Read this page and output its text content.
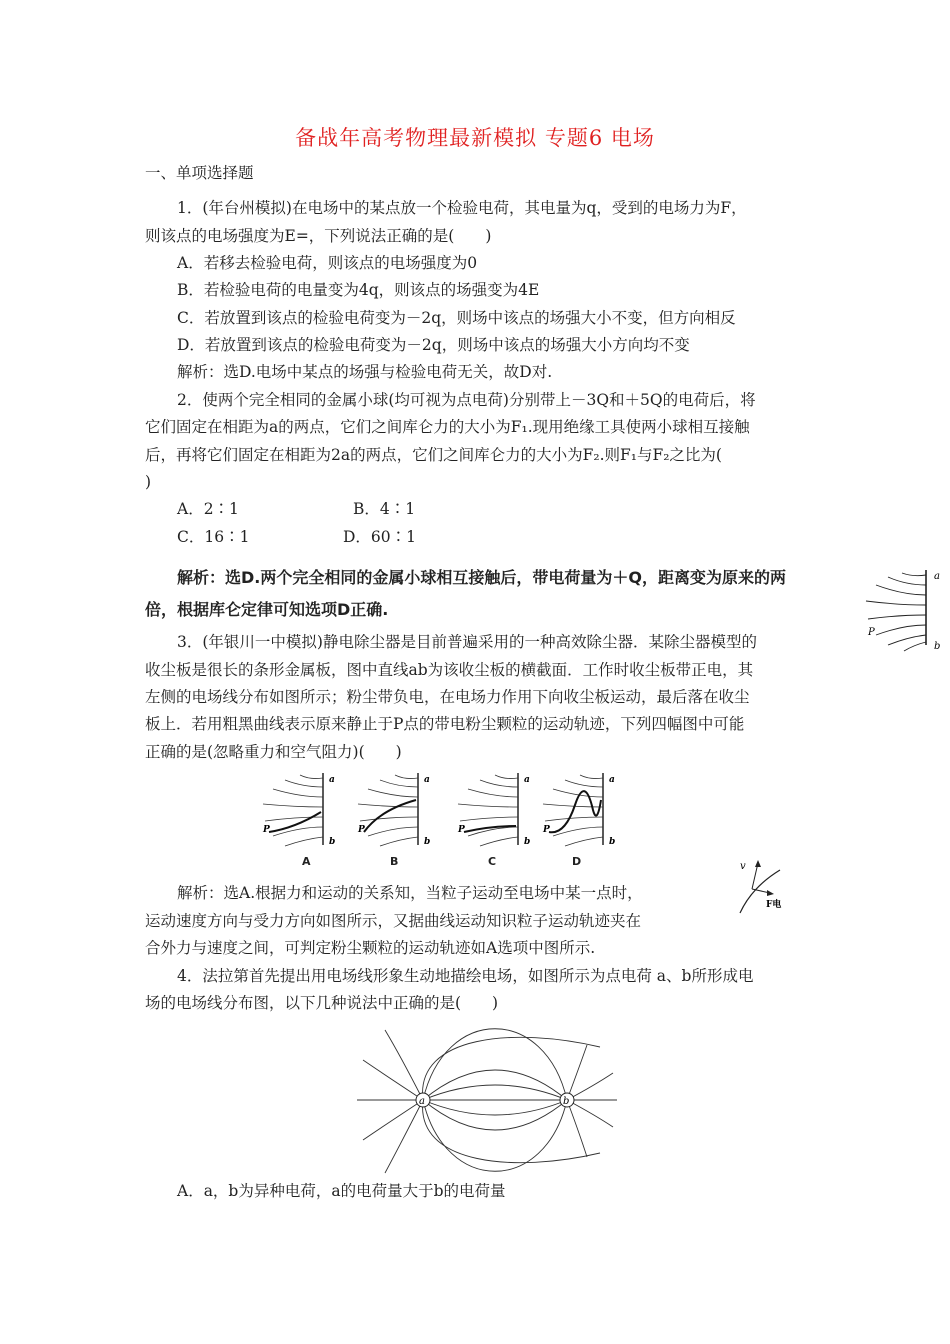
备战年高考物理最新模拟 专题6 电场
一、单项选择题
1．(年台州模拟)在电场中的某点放一个检验电荷，其电量为q，受到的电场力为F，
则该点的电场强度为E=，下列说法正确的是(　　)
A．若移去检验电荷，则该点的电场强度为0
B．若检验电荷的电量变为4q，则该点的场强变为4E
C．若放置到该点的检验电荷变为－2q，则场中该点的场强大小不变，但方向相反
D．若放置到该点的检验电荷变为－2q，则场中该点的场强大小方向均不变
解析：选D.电场中某点的场强与检验电荷无关，故D对.
2．使两个完全相同的金属小球(均可视为点电荷)分别带上－3Q和＋5Q的电荷后，将
它们固定在相距为a的两点，它们之间库仑力的大小为F₁.现用绝缘工具使两小球相互接触
后，再将它们固定在相距为2a的两点，它们之间库仑力的大小为F₂.则F₁与F₂之比为(
)
A．2∶1	B．4∶1
C．16∶1	D．60∶1
解析：选D.两个完全相同的金属小球相互接触后，带电荷量为＋Q，距离变为原来的两
倍，根据库仑定律可知选项D正确.
a
b
P
3．(年银川一中模拟)静电除尘器是目前普遍采用的一种高效除尘器．某除尘器模型的
收尘板是很长的条形金属板，图中直线ab为该收尘板的横截面．工作时收尘板带正电，其
左侧的电场线分布如图所示；粉尘带负电，在电场力作用下向收尘板运动，最后落在收尘
板上．若用粗黑曲线表示原来静止于P点的带电粉尘颗粒的运动轨迹，下列四幅图中可能
正确的是(忽略重力和空气阻力)(　　)
a
b
P
a
b
P
a
b
P
a
b
P
A	B	C	D	v
F电
解析：选A.根据力和运动的关系知，当粒子运动至电场中某一点时，
运动速度方向与受力方向如图所示，又据曲线运动知识粒子运动轨迹夹在
合外力与速度之间，可判定粉尘颗粒的运动轨迹如A选项中图所示.
4．法拉第首先提出用电场线形象生动地描绘电场，如图所示为点电荷 a、b所形成电
场的电场线分布图，以下几种说法中正确的是(　　)
a	b
A．a，b为异种电荷，a的电荷量大于b的电荷量
